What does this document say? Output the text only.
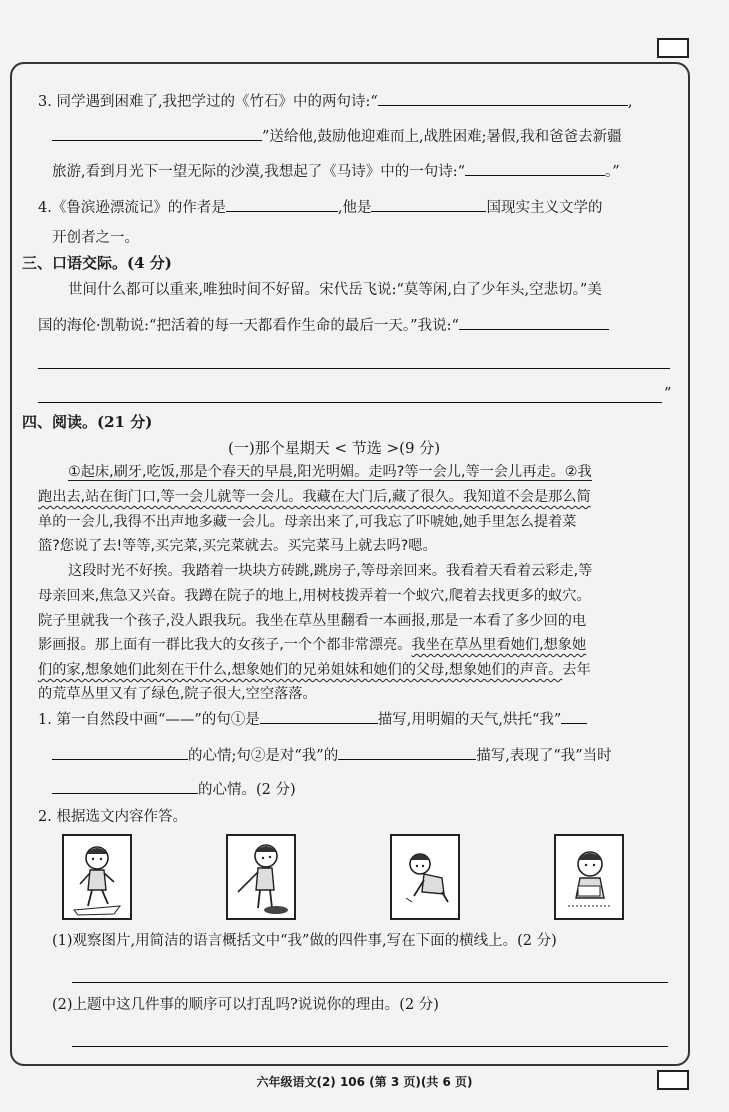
3. 同学遇到困难了,我把学过的《竹石》中的两句诗:“	,
”送给他,鼓励他迎难而上,战胜困难;暑假,我和爸爸去新疆
旅游,看到月光下一望无际的沙漠,我想起了《马诗》中的一句诗:“	。”
4.《鲁滨逊漂流记》的作者是	,他是	国现实主义文学的
开创者之一。
三、口语交际。(4 分)
世间什么都可以重来,唯独时间不好留。宋代岳飞说:“莫等闲,白了少年头,空悲切。”美
国的海伦·凯勒说:“把活着的每一天都看作生命的最后一天。”我说:“
”
四、阅读。(21 分)
(一)那个星期天 < 节选 >(9 分)
①起床,刷牙,吃饭,那是个春天的早晨,阳光明媚。走吗?等一会儿,等一会儿再走。②我
跑出去,站在街门口,等一会儿就等一会儿。我藏在大门后,藏了很久。我知道不会是那么简
单的一会儿,我得不出声地多藏一会儿。母亲出来了,可我忘了吓唬她,她手里怎么提着菜
篮?您说了去!等等,买完菜,买完菜就去。买完菜马上就去吗?嗯。
这段时光不好挨。我踏着一块块方砖跳,跳房子,等母亲回来。我看着天看着云彩走,等
母亲回来,焦急又兴奋。我蹲在院子的地上,用树枝拨弄着一个蚁穴,爬着去找更多的蚁穴。
院子里就我一个孩子,没人跟我玩。我坐在草丛里翻看一本画报,那是一本看了多少回的电
影画报。那上面有一群比我大的女孩子,一个个都非常漂亮。我坐在草丛里看她们,想象她
们的家,想象她们此刻在干什么,想象她们的兄弟姐妹和她们的父母,想象她们的声音。去年
的荒草丛里又有了绿色,院子很大,空空落落。
1. 第一自然段中画“——”的句①是	描写,用明媚的天气,烘托“我”
的心情;句②是对“我”的	描写,表现了“我”当时
的心情。(2 分)
2. 根据选文内容作答。
(1)观察图片,用简洁的语言概括文中“我”做的四件事,写在下面的横线上。(2 分)
(2)上题中这几件事的顺序可以打乱吗?说说你的理由。(2 分)
六年级语文(2) 106 (第 3 页)(共 6 页)
